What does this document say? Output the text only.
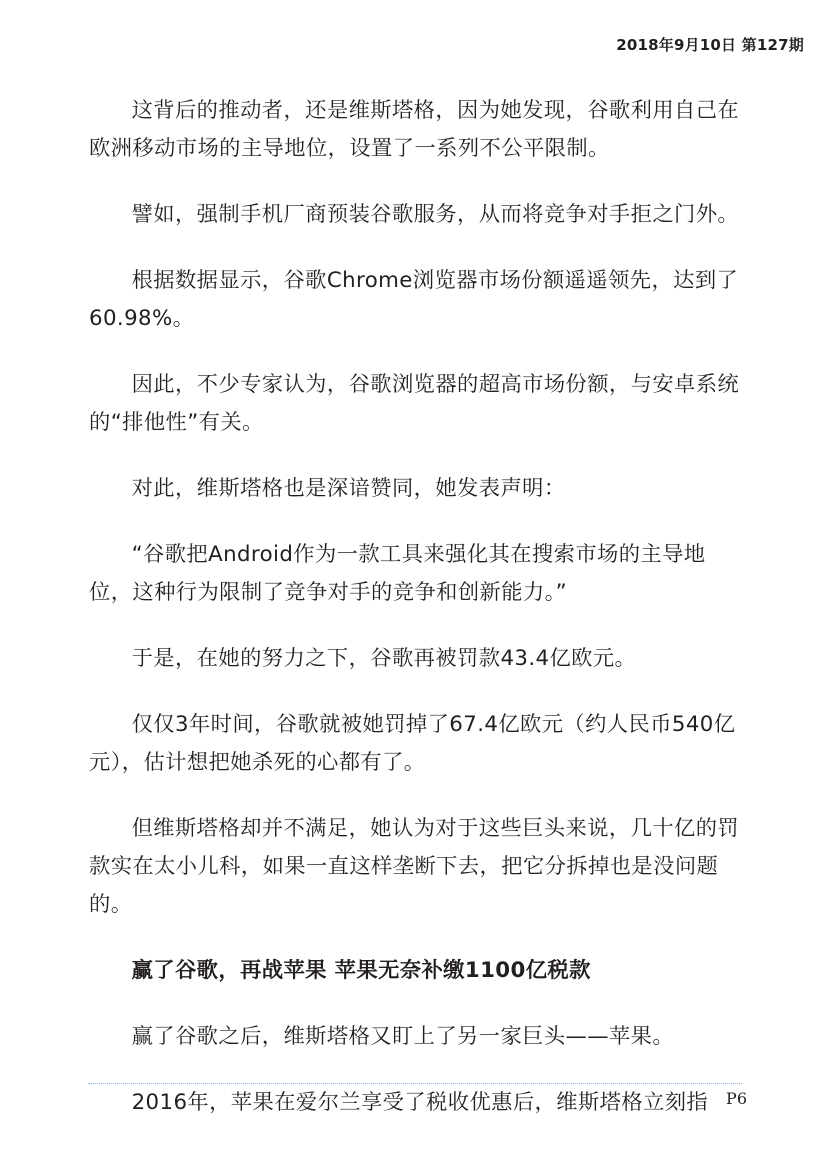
2018年9月10日 第127期

这背后的推动者，还是维斯塔格，因为她发现，谷歌利用自己在欧洲移动市场的主导地位，设置了一系列不公平限制。

譬如，强制手机厂商预装谷歌服务，从而将竞争对手拒之门外。

根据数据显示，谷歌Chrome浏览器市场份额遥遥领先，达到了60.98%。

因此，不少专家认为，谷歌浏览器的超高市场份额，与安卓系统的“排他性”有关。

对此，维斯塔格也是深谙赞同，她发表声明：

“谷歌把Android作为一款工具来强化其在搜索市场的主导地位，这种行为限制了竞争对手的竞争和创新能力。”

于是，在她的努力之下，谷歌再被罚款43.4亿欧元。

仅仅3年时间，谷歌就被她罚掉了67.4亿欧元（约人民币540亿元），估计想把她杀死的心都有了。

但维斯塔格却并不满足，她认为对于这些巨头来说，几十亿的罚款实在太小儿科，如果一直这样垄断下去，把它分拆掉也是没问题的。

赢了谷歌，再战苹果 苹果无奈补缴1100亿税款

赢了谷歌之后，维斯塔格又盯上了另一家巨头——苹果。

2016年，苹果在爱尔兰享受了税收优惠后，维斯塔格立刻指	P6
